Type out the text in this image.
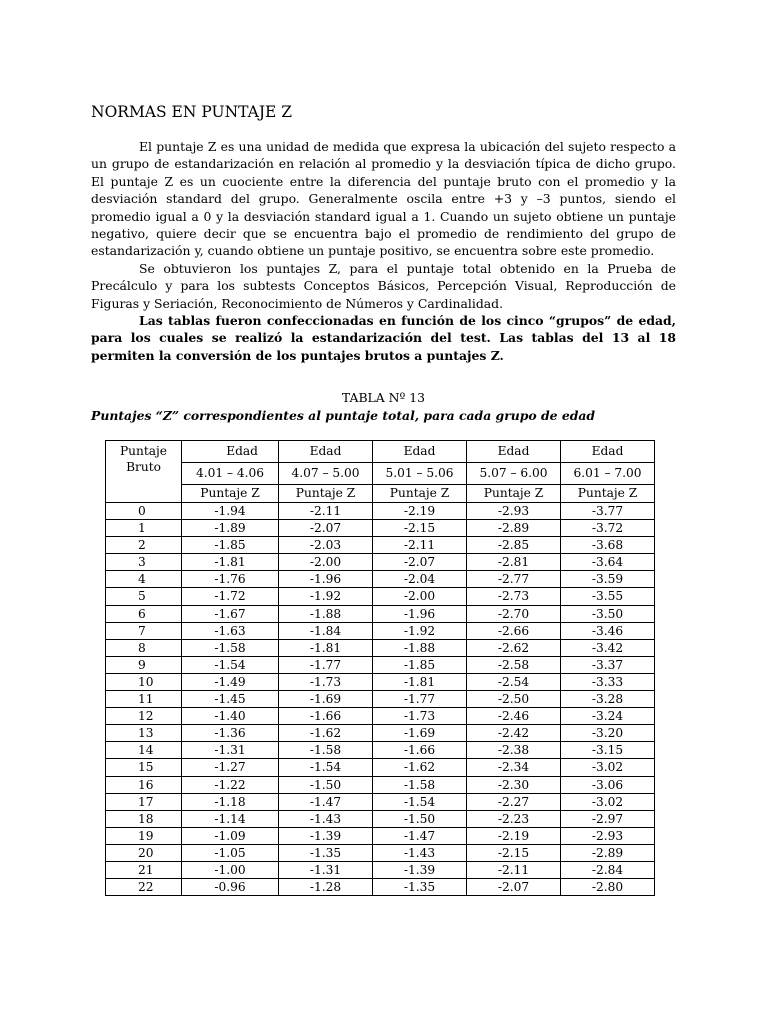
NORMAS EN PUNTAJE Z

El puntaje Z es una unidad de medida que expresa la ubicación del sujeto respecto a un grupo de estandarización en relación al promedio y la desviación típica de dicho grupo. El puntaje Z es un cuociente entre la diferencia del puntaje bruto con el promedio y la desviación standard del grupo. Generalmente oscila entre +3 y –3 puntos, siendo el promedio igual a 0 y la desviación standard igual a 1. Cuando un sujeto obtiene un puntaje negativo, quiere decir que se encuentra bajo el promedio de rendimiento del grupo de estandarización y, cuando obtiene un puntaje positivo, se encuentra sobre este promedio.

Se obtuvieron los puntajes Z, para el puntaje total obtenido en la Prueba de Precálculo y para los subtests Conceptos Básicos, Percepción Visual, Reproducción de Figuras y Seriación, Reconocimiento de Números y Cardinalidad.

Las tablas fueron confeccionadas en función de los cinco “grupos” de edad, para los cuales se realizó la estandarización del test. Las tablas del 13 al 18 permiten la conversión de los puntajes brutos a puntajes Z.

TABLA Nº 13
Puntajes “Z” correspondientes al puntaje total, para cada grupo de edad
Puntaje Bruto	Edad	Edad	Edad	Edad	Edad
	4.01 – 4.06	4.07 – 5.00	5.01 – 5.06	5.07 – 6.00	6.01 – 7.00
	Puntaje Z	Puntaje Z	Puntaje Z	Puntaje Z	Puntaje Z
0	-1.94	-2.11	-2.19	-2.93	-3.77
1	-1.89	-2.07	-2.15	-2.89	-3.72
2	-1.85	-2.03	-2.11	-2.85	-3.68
3	-1.81	-2.00	-2.07	-2.81	-3.64
4	-1.76	-1.96	-2.04	-2.77	-3.59
5	-1.72	-1.92	-2.00	-2.73	-3.55
6	-1.67	-1.88	-1.96	-2.70	-3.50
7	-1.63	-1.84	-1.92	-2.66	-3.46
8	-1.58	-1.81	-1.88	-2.62	-3.42
9	-1.54	-1.77	-1.85	-2.58	-3.37
10	-1.49	-1.73	-1.81	-2.54	-3.33
11	-1.45	-1.69	-1.77	-2.50	-3.28
12	-1.40	-1.66	-1.73	-2.46	-3.24
13	-1.36	-1.62	-1.69	-2.42	-3.20
14	-1.31	-1.58	-1.66	-2.38	-3.15
15	-1.27	-1.54	-1.62	-2.34	-3.02
16	-1.22	-1.50	-1.58	-2.30	-3.06
17	-1.18	-1.47	-1.54	-2.27	-3.02
18	-1.14	-1.43	-1.50	-2.23	-2.97
19	-1.09	-1.39	-1.47	-2.19	-2.93
20	-1.05	-1.35	-1.43	-2.15	-2.89
21	-1.00	-1.31	-1.39	-2.11	-2.84
22	-0.96	-1.28	-1.35	-2.07	-2.80
